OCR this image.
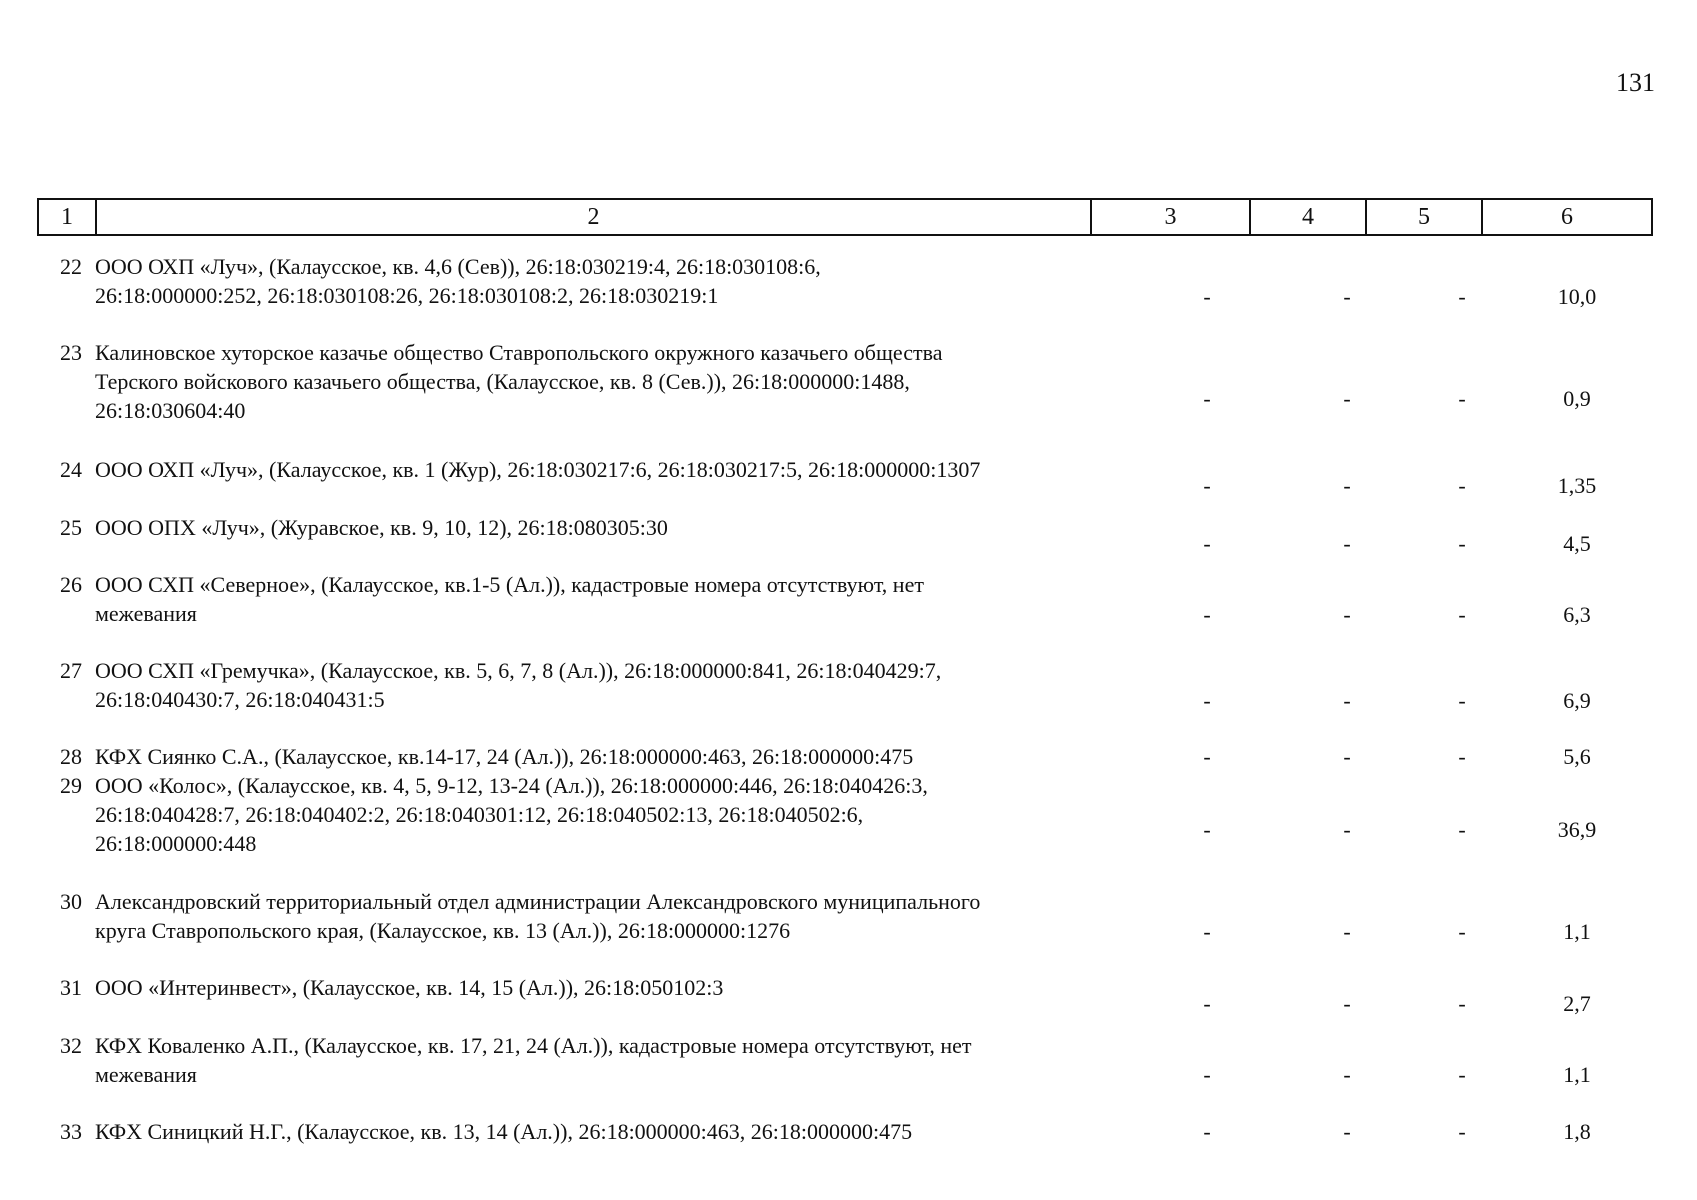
131
1	2	3	4	5	6
22 ООО ОХП «Луч», (Калаусское, кв. 4,6 (Сев)), 26:18:030219:4, 26:18:030108:6,
26:18:000000:252, 26:18:030108:26, 26:18:030108:2, 26:18:030219:1	-	-	-	10,0
23 Калиновское хуторское казачье общество Ставропольского окружного казачьего общества
Терского войскового казачьего общества, (Калаусское, кв. 8 (Сев.)), 26:18:000000:1488,
26:18:030604:40	-	-	-	0,9
24 ООО ОХП «Луч», (Калаусское, кв. 1 (Жур), 26:18:030217:6, 26:18:030217:5, 26:18:000000:1307
-	-	-	1,35
25 ООО ОПХ «Луч», (Журавское, кв. 9, 10, 12), 26:18:080305:30
-	-	-	4,5
26 ООО СХП «Северное», (Калаусское, кв.1-5 (Ал.)), кадастровые номера отсутствуют, нет
межевания	-	-	-	6,3
27 ООО СХП «Гремучка», (Калаусское, кв. 5, 6, 7, 8 (Ал.)), 26:18:000000:841, 26:18:040429:7,
26:18:040430:7, 26:18:040431:5	-	-	-	6,9
28 КФХ Сиянко С.А., (Калаусское, кв.14-17, 24 (Ал.)), 26:18:000000:463, 26:18:000000:475	-	-	-	5,6
29 ООО «Колос», (Калаусское, кв. 4, 5, 9-12, 13-24 (Ал.)), 26:18:000000:446, 26:18:040426:3,
26:18:040428:7, 26:18:040402:2, 26:18:040301:12, 26:18:040502:13, 26:18:040502:6,
26:18:000000:448
-	-	-	36,9
30 Александровский территориальный отдел администрации Александровского муниципального
круга Ставропольского края, (Калаусское, кв. 13 (Ал.)), 26:18:000000:1276	-	-	-	1,1
31 ООО «Интеринвест», (Калаусское, кв. 14, 15 (Ал.)), 26:18:050102:3
-	-	-	2,7
32 КФХ Коваленко А.П., (Калаусское, кв. 17, 21, 24 (Ал.)), кадастровые номера отсутствуют, нет
межевания	-	-	-	1,1
33 КФХ Синицкий Н.Г., (Калаусское, кв. 13, 14 (Ал.)), 26:18:000000:463, 26:18:000000:475	-	-	-	1,8
